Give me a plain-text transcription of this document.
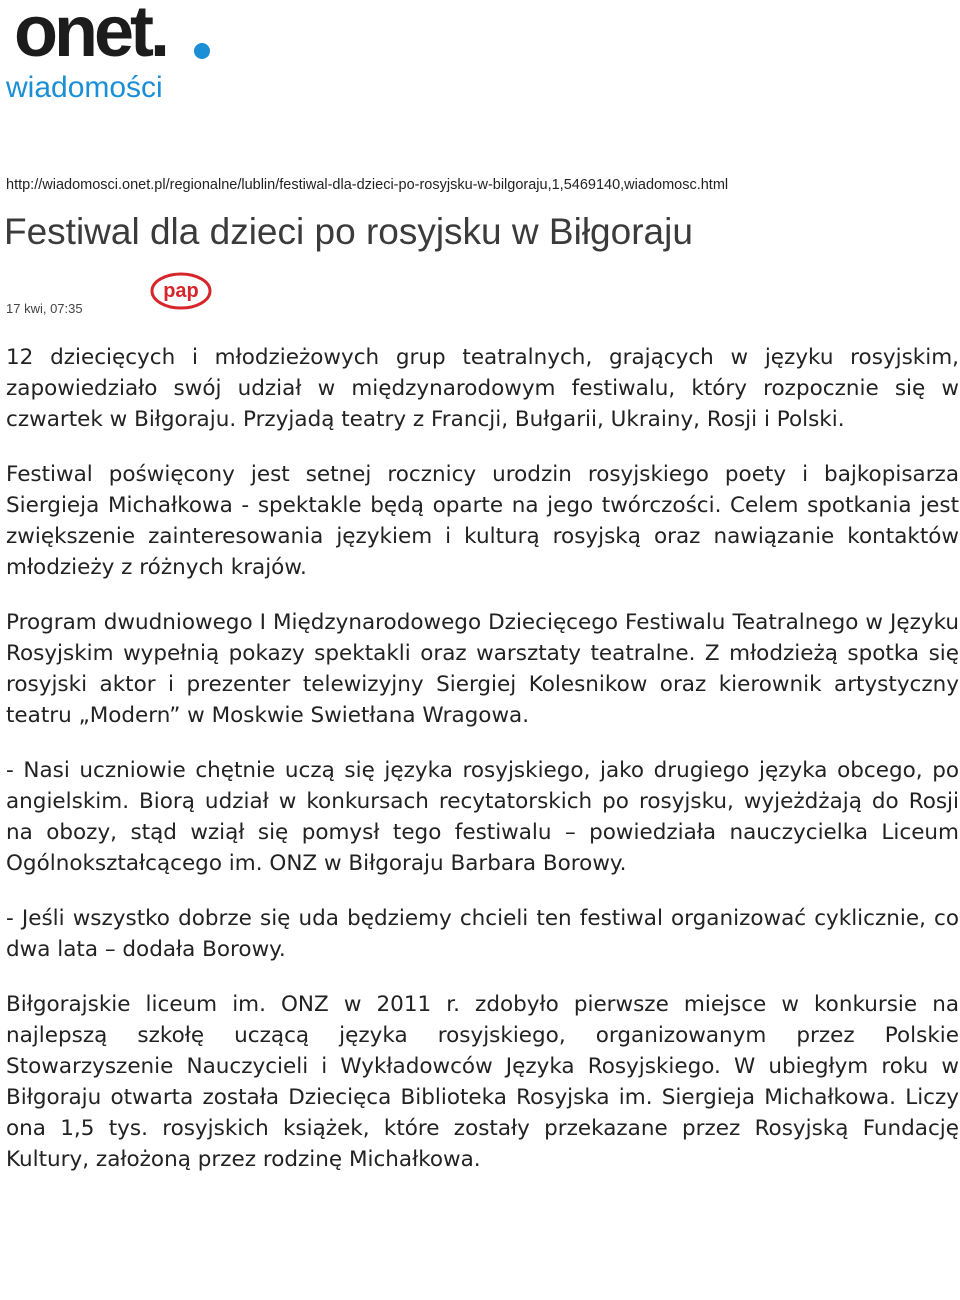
onet.
wiadomości
http://wiadomosci.onet.pl/regionalne/lublin/festiwal-dla-dzieci-po-rosyjsku-w-bilgoraju,1,5469140,wiadomosc.html
Festiwal dla dzieci po rosyjsku w Biłgoraju
17 kwi, 07:35
pap

12 dziecięcych i młodzieżowych grup teatralnych, grających w języku rosyjskim, zapowiedziało swój udział w międzynarodowym festiwalu, który rozpocznie się w czwartek w Biłgoraju. Przyjadą teatry z Francji, Bułgarii, Ukrainy, Rosji i Polski.

Festiwal poświęcony jest setnej rocznicy urodzin rosyjskiego poety i bajkopisarza Siergieja Michałkowa - spektakle będą oparte na jego twórczości. Celem spotkania jest zwiększenie zainteresowania językiem i kulturą rosyjską oraz nawiązanie kontaktów młodzieży z różnych krajów.

Program dwudniowego I Międzynarodowego Dziecięcego Festiwalu Teatralnego w Języku Rosyjskim wypełnią pokazy spektakli oraz warsztaty teatralne. Z młodzieżą spotka się rosyjski aktor i prezenter telewizyjny Siergiej Kolesnikow oraz kierownik artystyczny teatru „Modern” w Moskwie Swietłana Wragowa.

- Nasi uczniowie chętnie uczą się języka rosyjskiego, jako drugiego języka obcego, po angielskim. Biorą udział w konkursach recytatorskich po rosyjsku, wyjeżdżają do Rosji na obozy, stąd wziął się pomysł tego festiwalu – powiedziała nauczycielka Liceum Ogólnokształcącego im. ONZ w Biłgoraju Barbara Borowy.

- Jeśli wszystko dobrze się uda będziemy chcieli ten festiwal organizować cyklicznie, co dwa lata – dodała Borowy.

Biłgorajskie liceum im. ONZ w 2011 r. zdobyło pierwsze miejsce w konkursie na najlepszą szkołę uczącą języka rosyjskiego, organizowanym przez Polskie Stowarzyszenie Nauczycieli i Wykładowców Języka Rosyjskiego. W ubiegłym roku w Biłgoraju otwarta została Dziecięca Biblioteka Rosyjska im. Siergieja Michałkowa. Liczy ona 1,5 tys. rosyjskich książek, które zostały przekazane przez Rosyjską Fundację Kultury, założoną przez rodzinę Michałkowa.
